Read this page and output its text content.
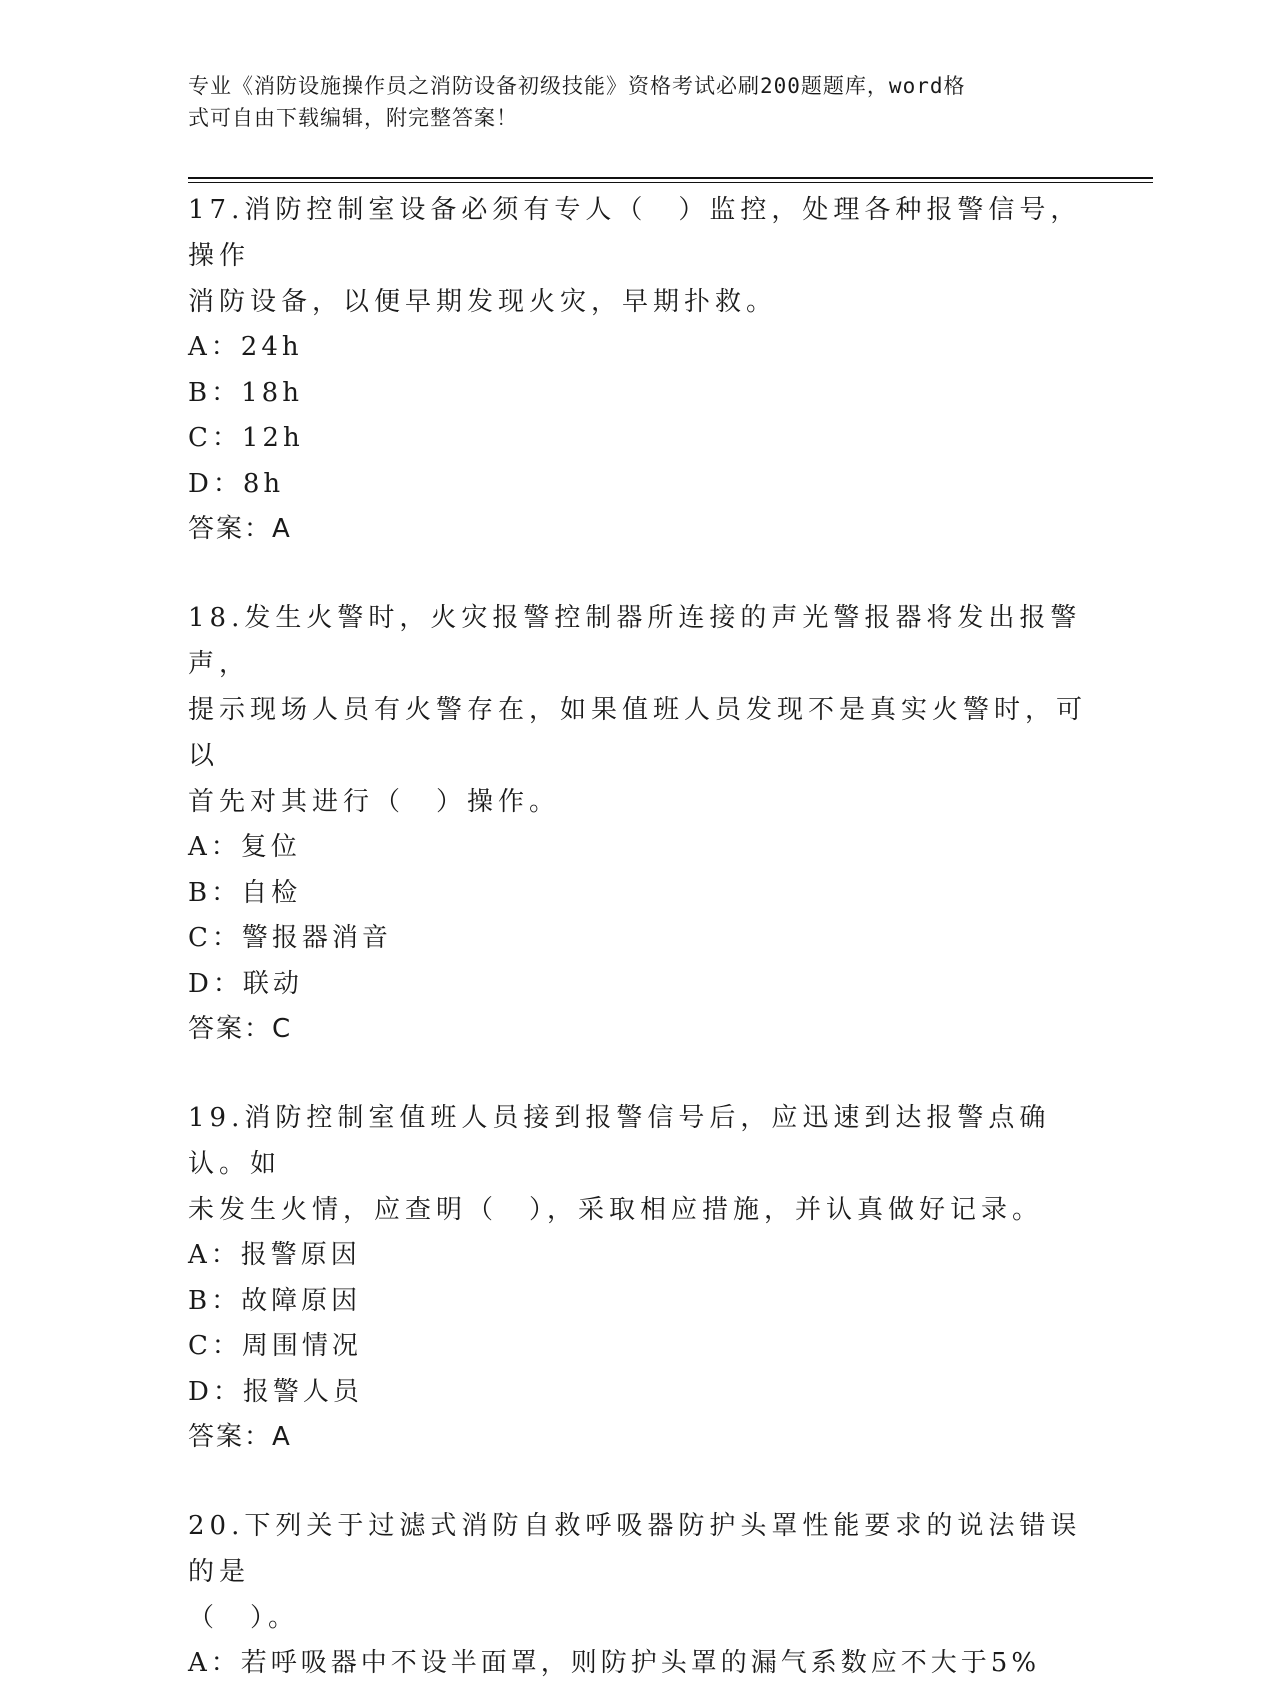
专业《消防设施操作员之消防设备初级技能》资格考试必刷200题题库，word格
式可自由下载编辑，附完整答案！

17.消防控制室设备必须有专人（　）监控，处理各种报警信号，操作

消防设备，以便早期发现火灾，早期扑救。

A：24h

B：18h

C：12h

D：8h

答案：A

18.发生火警时，火灾报警控制器所连接的声光警报器将发出报警声，

提示现场人员有火警存在，如果值班人员发现不是真实火警时，可以

首先对其进行（　）操作。

A：复位

B：自检

C：警报器消音

D：联动

答案：C

19.消防控制室值班人员接到报警信号后，应迅速到达报警点确认。如

未发生火情，应查明（　），采取相应措施，并认真做好记录。

A：报警原因

B：故障原因

C：周围情况

D：报警人员

答案：A

20.下列关于过滤式消防自救呼吸器防护头罩性能要求的说法错误的是

（　）。

A：若呼吸器中不设半面罩，则防护头罩的漏气系数应不大于5%
